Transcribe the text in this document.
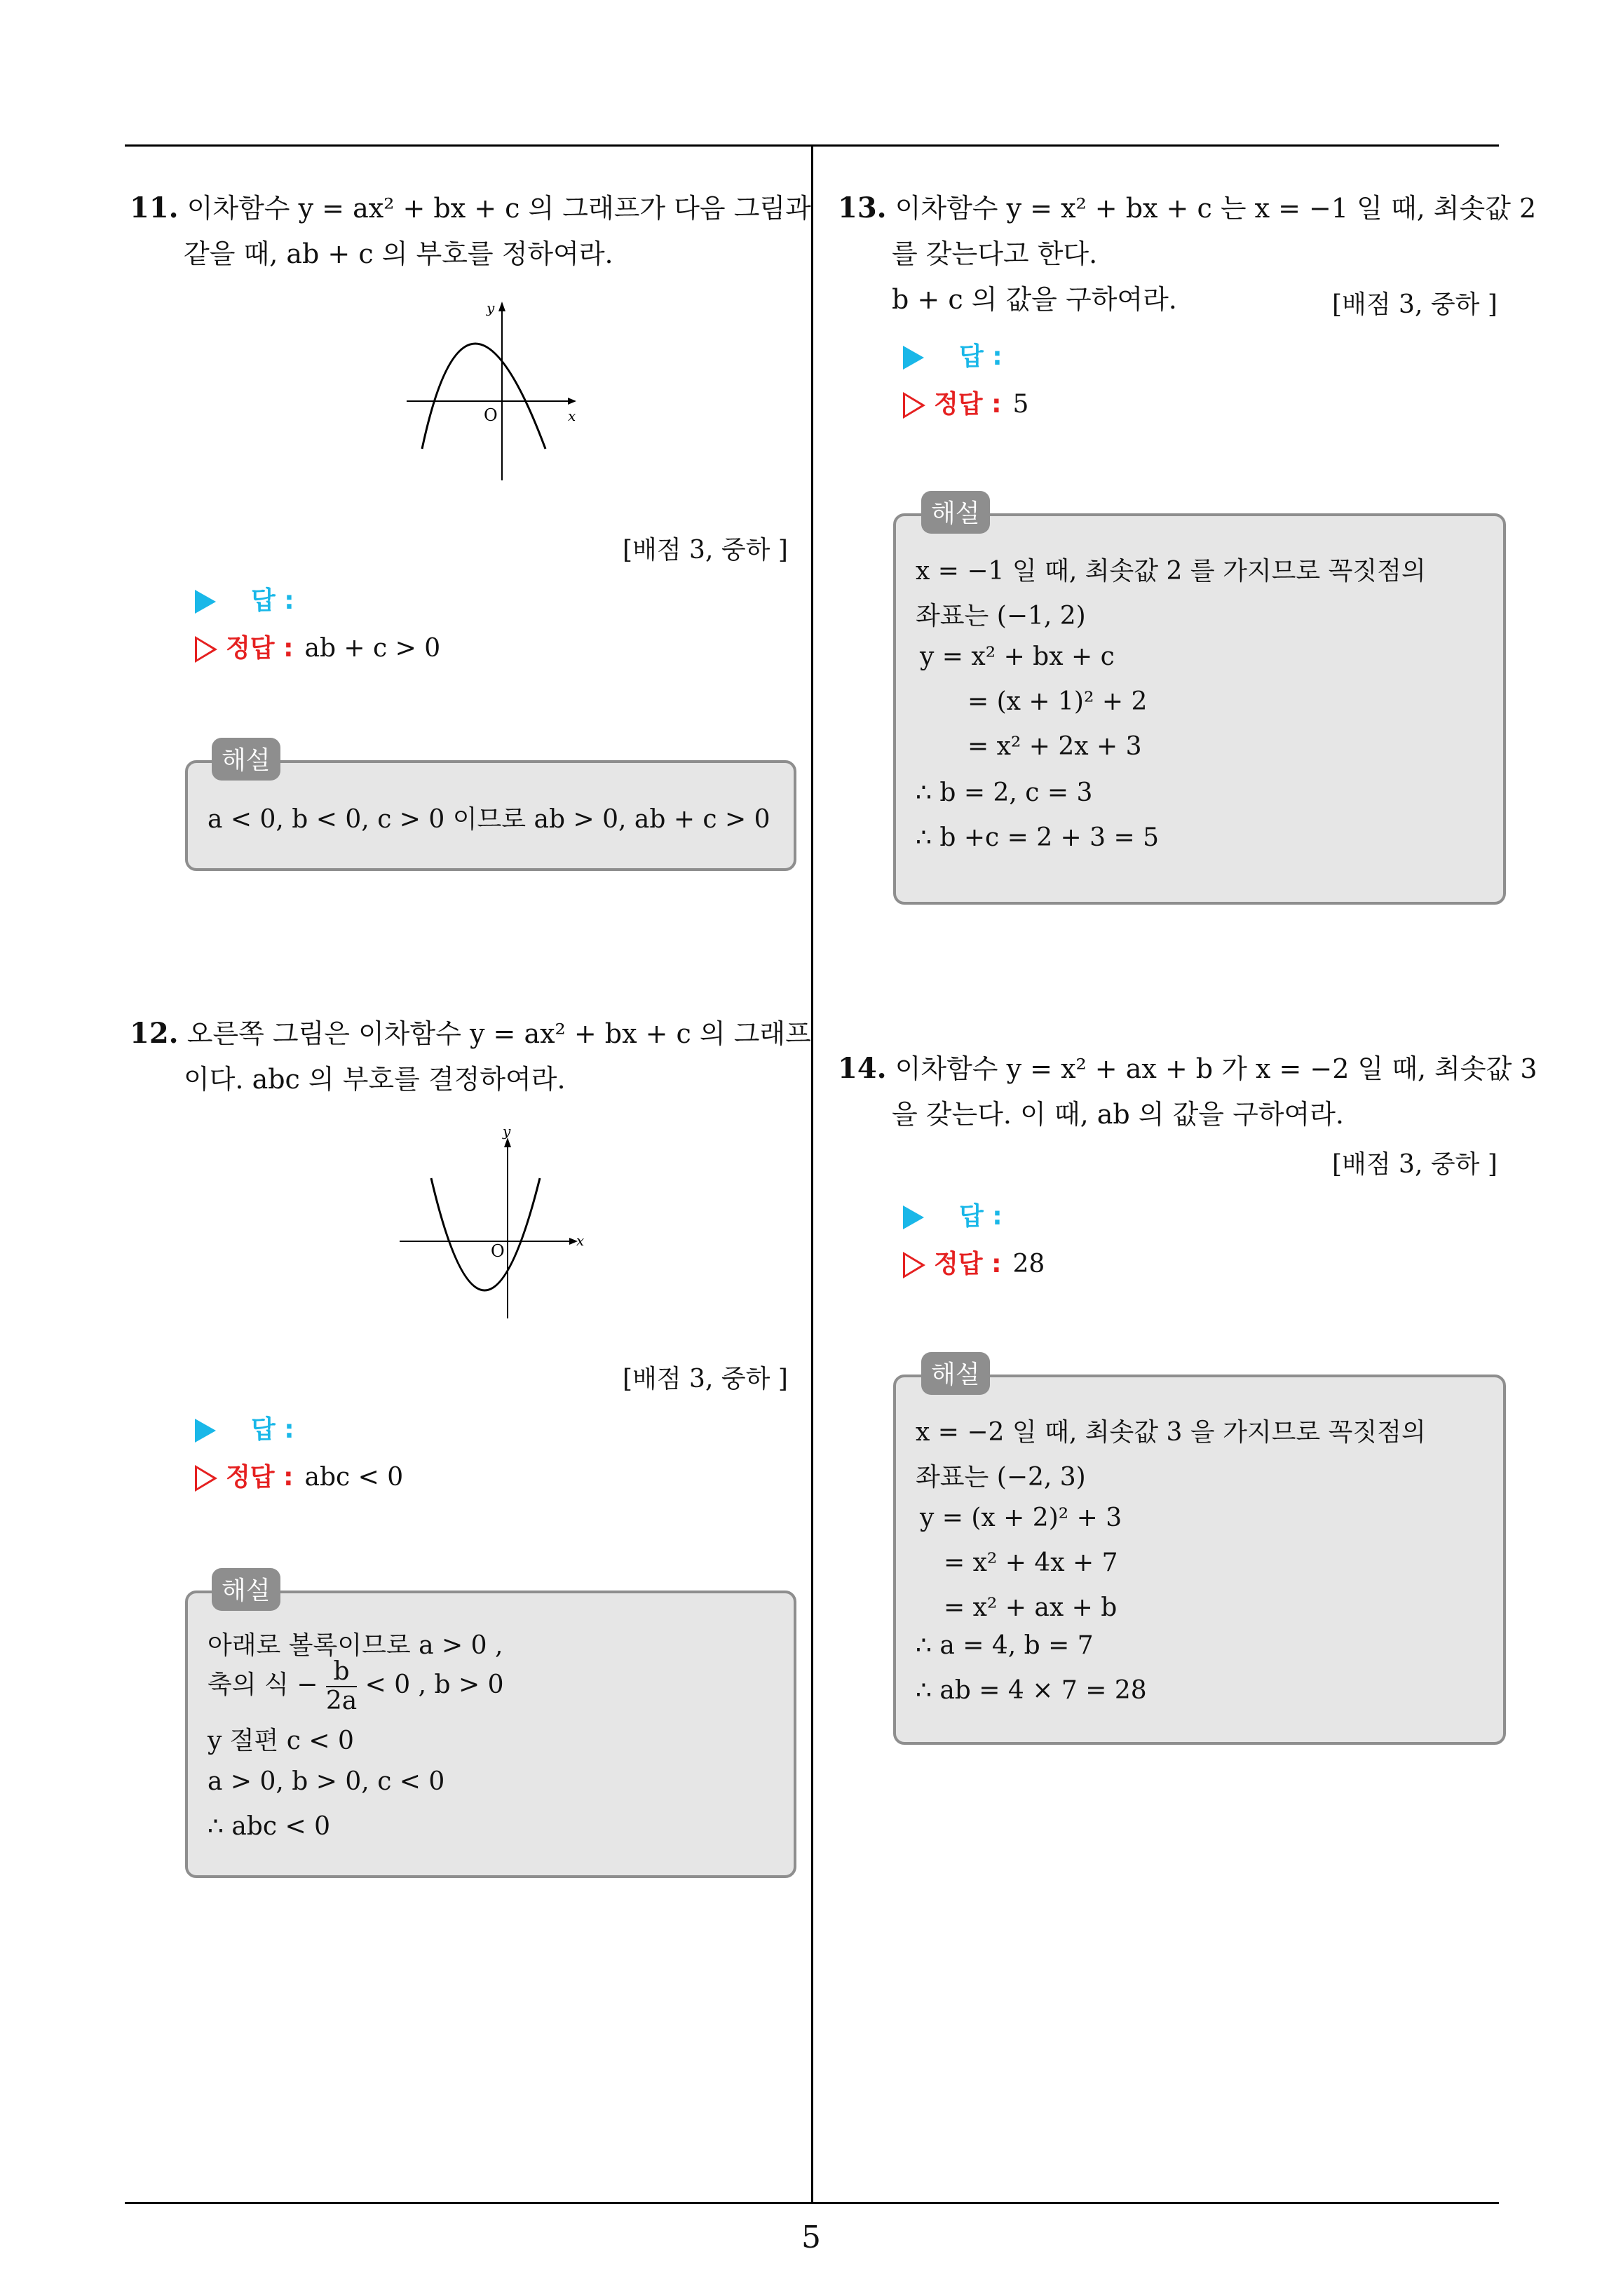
5
11. 이차함수 y = ax² + bx + c 의 그래프가 다음 그림과
같을 때, ab + c 의 부호를 정하여라.
y
x
O
[배점 3, 중하 ]
답 :
정답 : ab + c > 0
해설
a < 0, b < 0, c > 0 이므로 ab > 0, ab + c > 0
12. 오른쪽 그림은 이차함수 y = ax² + bx + c 의 그래프
이다. abc 의 부호를 결정하여라.
y
x
O
[배점 3, 중하 ]
답 :
정답 : abc < 0
해설
아래로 볼록이므로 a > 0 ,
축의 식 − $\frac{b}{2a} < 0$ , b > 0
y 절편 c < 0
a > 0, b > 0, c < 0
∴ abc < 0
13. 이차함수 y = x² + bx + c 는 x = −1 일 때, 최솟값 2
를 갖는다고 한다.
b + c 의 값을 구하여라.	[배점 3, 중하 ]
답 :
정답 : 5
해설
x = −1 일 때, 최솟값 2 를 가지므로 꼭짓점의
좌표는 (−1, 2)
y = x² + bx + c
= (x + 1)² + 2
= x² + 2x + 3
∴ b = 2, c = 3
∴ b +c = 2 + 3 = 5
14. 이차함수 y = x² + ax + b 가 x = −2 일 때, 최솟값 3
을 갖는다. 이 때, ab 의 값을 구하여라.
[배점 3, 중하 ]
답 :
정답 : 28
해설
x = −2 일 때, 최솟값 3 을 가지므로 꼭짓점의
좌표는 (−2, 3)
y = (x + 2)² + 3
= x² + 4x + 7
= x² + ax + b
∴ a = 4, b = 7
∴ ab = 4 × 7 = 28
